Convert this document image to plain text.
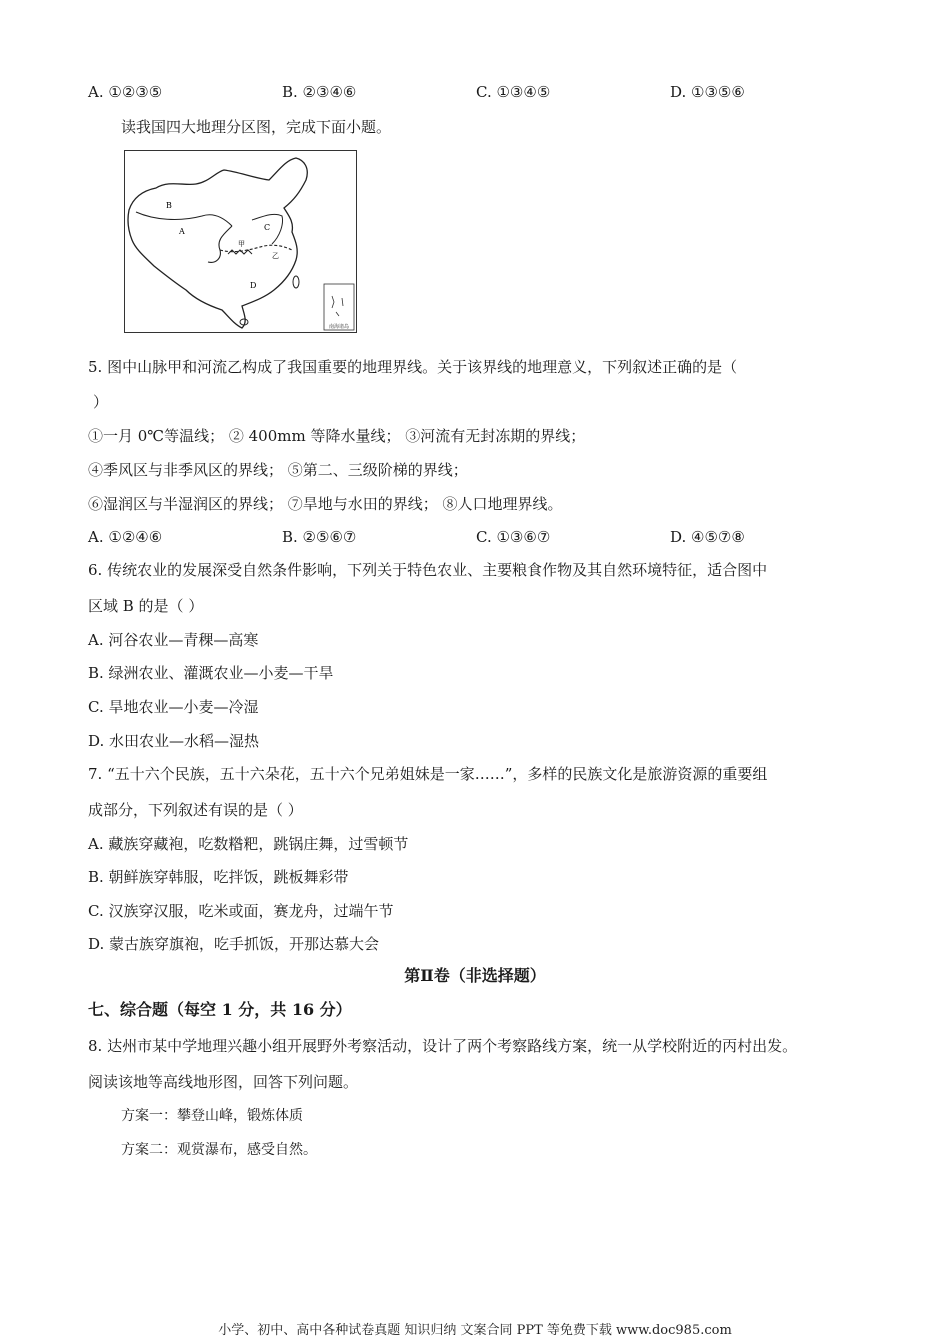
A. ①②③⑤	B. ②③④⑥	C. ①③④⑤	D. ①③⑤⑥
读我国四大地理分区图，完成下面小题。
南海诸岛
B
A	C
D
甲
乙
5. 图中山脉甲和河流乙构成了我国重要的地理界线。关于该界线的地理意义，下列叙述正确的是（
）
①一月 0℃等温线； ② 400mm 等降水量线； ③河流有无封冻期的界线；
④季风区与非季风区的界线； ⑤第二、三级阶梯的界线；
⑥湿润区与半湿润区的界线； ⑦旱地与水田的界线； ⑧人口地理界线。
A. ①②④⑥	B. ②⑤⑥⑦	C. ①③⑥⑦	D. ④⑤⑦⑧
6. 传统农业的发展深受自然条件影响，下列关于特色农业、主要粮食作物及其自然环境特征，适合图中
区域 B 的是（ ）
A. 河谷农业—青稞—高寒
B. 绿洲农业、灌溉农业—小麦—干旱
C. 旱地农业—小麦—冷湿
D. 水田农业—水稻—湿热
7. “五十六个民族，五十六朵花，五十六个兄弟姐妹是一家……”，多样的民族文化是旅游资源的重要组
成部分，下列叙述有误的是（ ）
A. 藏族穿藏袍，吃数糌粑，跳锅庄舞，过雪顿节
B. 朝鲜族穿韩服，吃拌饭，跳板舞彩带
C. 汉族穿汉服，吃米或面，赛龙舟，过端午节
D. 蒙古族穿旗袍，吃手抓饭，开那达慕大会
第Ⅱ卷（非选择题）
七、综合题（每空 1 分，共 16 分）
8. 达州市某中学地理兴趣小组开展野外考察活动，设计了两个考察路线方案，统一从学校附近的丙村出发。
阅读该地等高线地形图，回答下列问题。
方案一：攀登山峰，锻炼体质
方案二：观赏瀑布，感受自然。
小学、初中、高中各种试卷真题 知识归纳 文案合同 PPT 等免费下载 www.doc985.com
